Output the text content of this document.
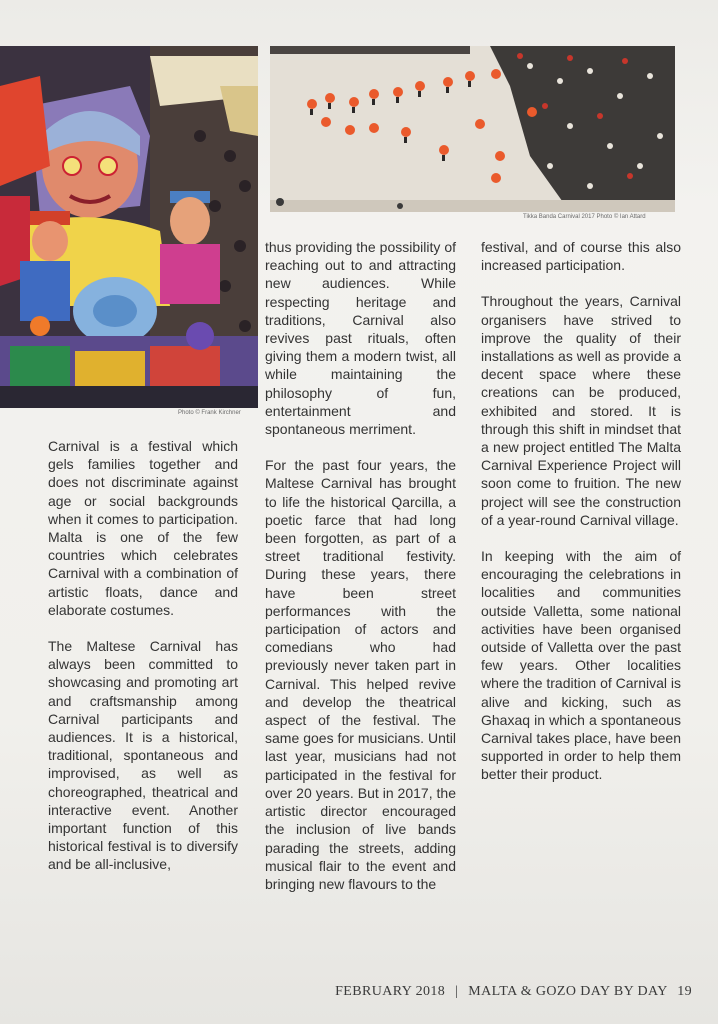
Photo © Frank Kirchner
Tikka Banda Carnival 2017 Photo © Ian Attard

Carnival is a festival which gels families together and does not discriminate against age or social backgrounds when it comes to participation. Malta is one of the few countries which celebrates Carnival with a combination of artistic floats, dance and elaborate costumes.

The Maltese Carnival has always been committed to showcasing and promoting art and craftsmanship among Carnival participants and audiences. It is a historical, traditional, spontaneous and improvised, as well as choreographed, theatrical and interactive event. Another important function of this historical festival is to diversify and be all-inclusive,

thus providing the possibility of reaching out to and attracting new audiences. While respecting heritage and traditions, Carnival also revives past rituals, often giving them a modern twist, all while maintaining the philosophy of fun, entertainment and spontaneous merriment.

For the past four years, the Maltese Carnival has brought to life the historical Qarcilla, a poetic farce that had long been forgotten, as part of a street traditional festivity. During these years, there have been street performances with the participation of actors and comedians who had previously never taken part in Carnival. This helped revive and develop the theatrical aspect of the festival. The same goes for musicians. Until last year, musicians had not participated in the festival for over 20 years. But in 2017, the artistic director encouraged the inclusion of live bands parading the streets, adding musical flair to the event and bringing new flavours to the

festival, and of course this also increased participation.

Throughout the years, Carnival organisers have strived to improve the quality of their installations as well as provide a decent space where these creations can be produced, exhibited and stored. It is through this shift in mindset that a new project entitled The Malta Carnival Experience Project will soon come to fruition. The new project will see the construction of a year-round Carnival village.

In keeping with the aim of encouraging the celebrations in localities and communities outside Valletta, some national activities have been organised outside of Valletta over the past few years. Other localities where the tradition of Carnival is alive and kicking, such as Ghaxaq in which a spontaneous Carnival takes place, have been supported in order to help them better their product.

FEBRUARY 2018 | MALTA & GOZO DAY BY DAY 19
